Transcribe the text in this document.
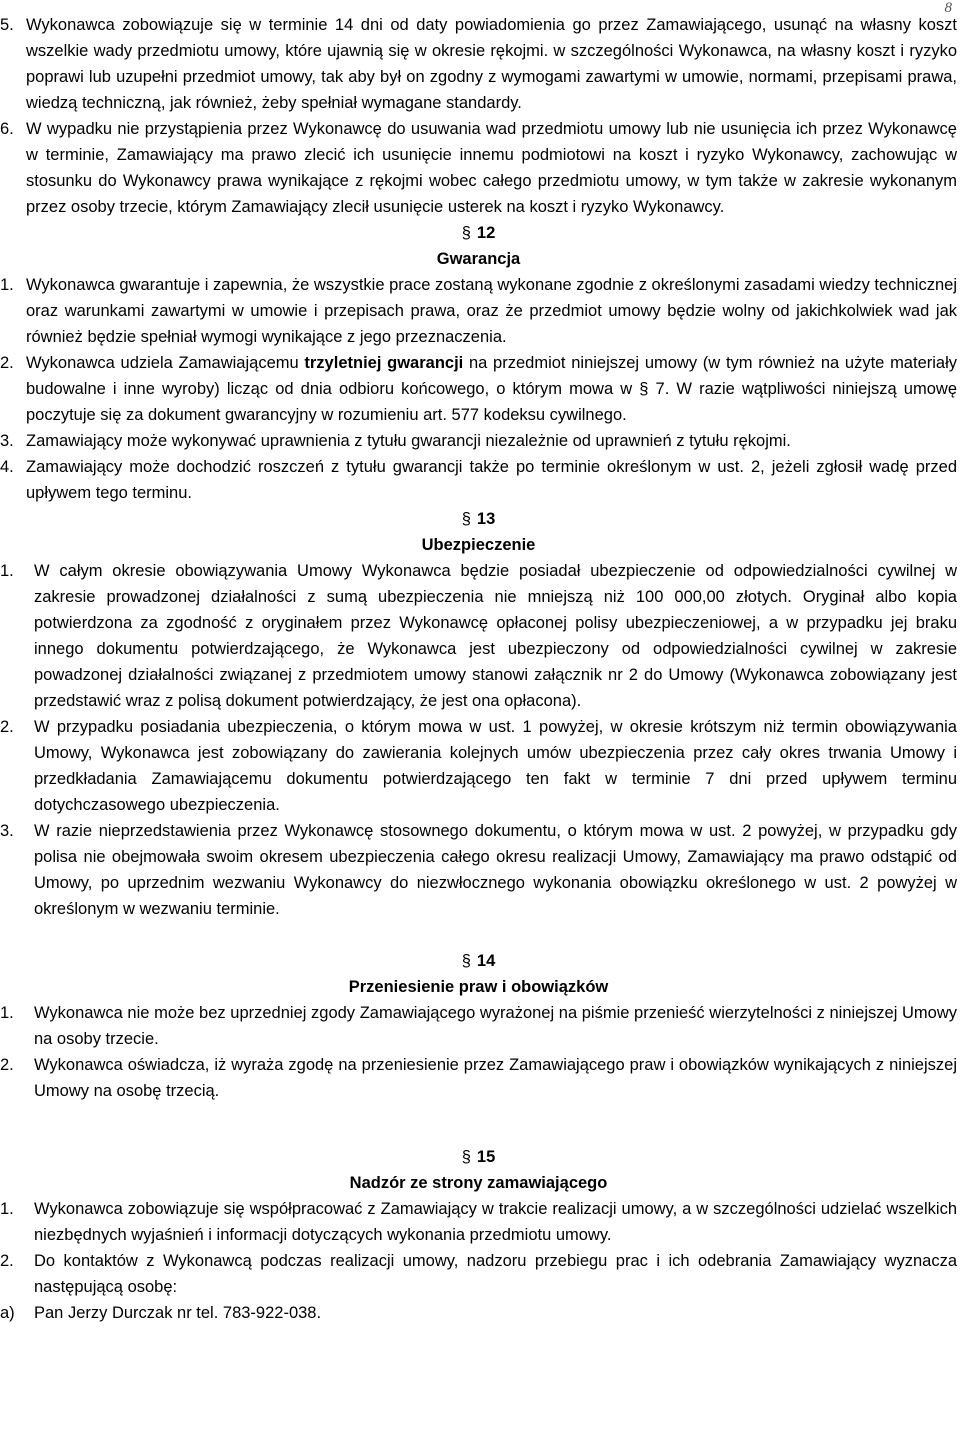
8
5. Wykonawca zobowiązuje się w terminie 14 dni od daty powiadomienia go przez Zamawiającego, usunąć na własny koszt wszelkie wady przedmiotu umowy, które ujawnią się w okresie rękojmi. w szczególności Wykonawca, na własny koszt i ryzyko poprawi lub uzupełni przedmiot umowy, tak aby był on zgodny z wymogami zawartymi w umowie, normami, przepisami prawa, wiedzą techniczną, jak również, żeby spełniał wymagane standardy.
6. W wypadku nie przystąpienia przez Wykonawcę do usuwania wad przedmiotu umowy lub nie usunięcia ich przez Wykonawcę w terminie, Zamawiający ma prawo zlecić ich usunięcie innemu podmiotowi na koszt i ryzyko Wykonawcy, zachowując w stosunku do Wykonawcy prawa wynikające z rękojmi wobec całego przedmiotu umowy, w tym także w zakresie wykonanym przez osoby trzecie, którym Zamawiający zlecił usunięcie usterek na koszt i ryzyko Wykonawcy.
§ 12
Gwarancja
1. Wykonawca gwarantuje i zapewnia, że wszystkie prace zostaną wykonane zgodnie z określonymi zasadami wiedzy technicznej oraz warunkami zawartymi w umowie i przepisach prawa, oraz że przedmiot umowy będzie wolny od jakichkolwiek wad jak również będzie spełniał wymogi wynikające z jego przeznaczenia.
2. Wykonawca udziela Zamawiającemu trzyletniej gwarancji na przedmiot niniejszej umowy (w tym również na użyte materiały budowalne i inne wyroby) licząc od dnia odbioru końcowego, o którym mowa w § 7. W razie wątpliwości niniejszą umowę poczytuje się za dokument gwarancyjny w rozumieniu art. 577 kodeksu cywilnego.
3. Zamawiający może wykonywać uprawnienia z tytułu gwarancji niezależnie od uprawnień z tytułu rękojmi.
4. Zamawiający może dochodzić roszczeń z tytułu gwarancji także po terminie określonym w ust. 2, jeżeli zgłosił wadę przed upływem tego terminu.
§ 13
Ubezpieczenie
1.	W całym okresie obowiązywania Umowy Wykonawca będzie posiadał ubezpieczenie od odpowiedzialności cywilnej w zakresie prowadzonej działalności z sumą ubezpieczenia nie mniejszą niż 100 000,00 złotych. Oryginał albo kopia potwierdzona za zgodność z oryginałem przez Wykonawcę opłaconej polisy ubezpieczeniowej, a w przypadku jej braku innego dokumentu potwierdzającego, że Wykonawca jest ubezpieczony od odpowiedzialności cywilnej w zakresie powadzonej działalności związanej z przedmiotem umowy stanowi załącznik nr 2 do Umowy (Wykonawca zobowiązany jest przedstawić wraz z polisą dokument potwierdzający, że jest ona opłacona).
2.	W przypadku posiadania ubezpieczenia, o którym mowa w ust. 1 powyżej, w okresie krótszym niż termin obowiązywania Umowy, Wykonawca jest zobowiązany do zawierania kolejnych umów ubezpieczenia przez cały okres trwania Umowy i przedkładania Zamawiającemu dokumentu potwierdzającego ten fakt w terminie 7 dni przed upływem terminu dotychczasowego ubezpieczenia.
3.	W razie nieprzedstawienia przez Wykonawcę stosownego dokumentu, o którym mowa w ust. 2 powyżej, w przypadku gdy polisa nie obejmowała swoim okresem ubezpieczenia całego okresu realizacji Umowy, Zamawiający ma prawo odstąpić od Umowy, po uprzednim wezwaniu Wykonawcy do niezwłocznego wykonania obowiązku określonego w ust. 2 powyżej w określonym w wezwaniu terminie.
§ 14
Przeniesienie praw i obowiązków
1.	Wykonawca nie może bez uprzedniej zgody Zamawiającego wyrażonej na piśmie przenieść wierzytelności z niniejszej Umowy na osoby trzecie.
2.	Wykonawca oświadcza, iż wyraża zgodę na przeniesienie przez Zamawiającego praw i obowiązków wynikających z niniejszej Umowy na osobę trzecią.
§ 15
Nadzór ze strony zamawiającego
1.	Wykonawca zobowiązuje się współpracować z Zamawiający w trakcie realizacji umowy, a w szczególności udzielać wszelkich niezbędnych wyjaśnień i informacji dotyczących wykonania przedmiotu umowy.
2.	Do kontaktów z Wykonawcą podczas realizacji umowy, nadzoru przebiegu prac i ich odebrania Zamawiający wyznacza następującą osobę:
a)	Pan Jerzy Durczak nr tel. 783-922-038.
